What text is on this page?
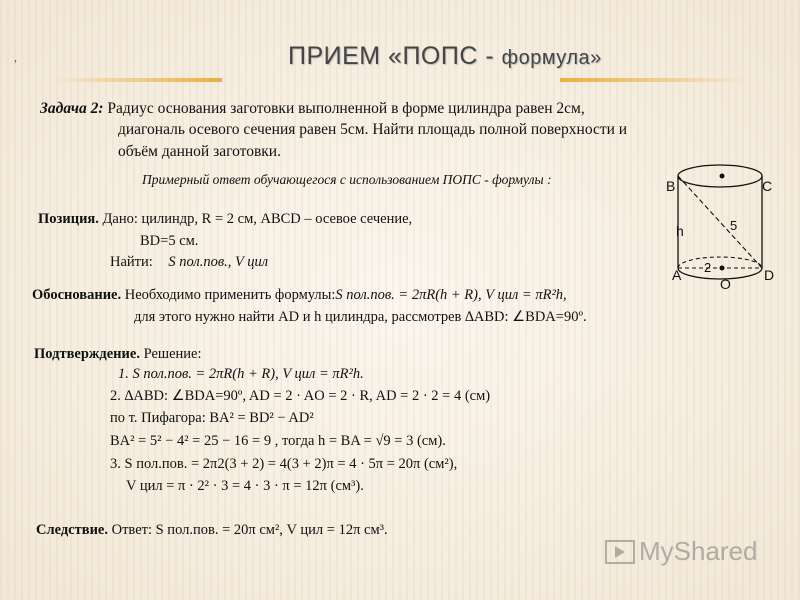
,	ПРИЕМ «ПОПС - формула»
Задача 2: Радиус основания заготовки выполненной в форме цилиндра равен 2см,
диагональ осевого сечения равен 5см. Найти площадь полной поверхности и
объём данной заготовки.
Примерный ответ обучающегося с использованием ПОПС - формулы :	B	C
A	D
O
h	5
2
Позиция. Дано: цилиндр, R = 2 см, ABCD – осевое сечение,
BD=5 см.
Найти: S пол.пов., V цил
Обоснование. Необходимо применить формулы:S пол.пов. = 2πR(h + R), V цил = πR²h,
для этого нужно найти AD и h цилиндра, рассмотрев ∆ABD: ∠BDA=90º.
Подтверждение. Решение:
1. S пол.пов. = 2πR(h + R), V цил = πR²h.
2. ∆ABD: ∠BDA=90º, AD = 2 · AO = 2 · R, AD = 2 · 2 = 4 (см)
по т. Пифагора: BA² = BD² − AD²
BA² = 5² − 4² = 25 − 16 = 9 , тогда h = BA = √9 = 3 (см).
3. S пол.пов. = 2π2(3 + 2) = 4(3 + 2)π = 4 · 5π = 20π (см²),
V цил = π · 2² · 3 = 4 · 3 · π = 12π (см³).
Следствие. Ответ: S пол.пов. = 20π см², V цил = 12π см³.
MyShared
